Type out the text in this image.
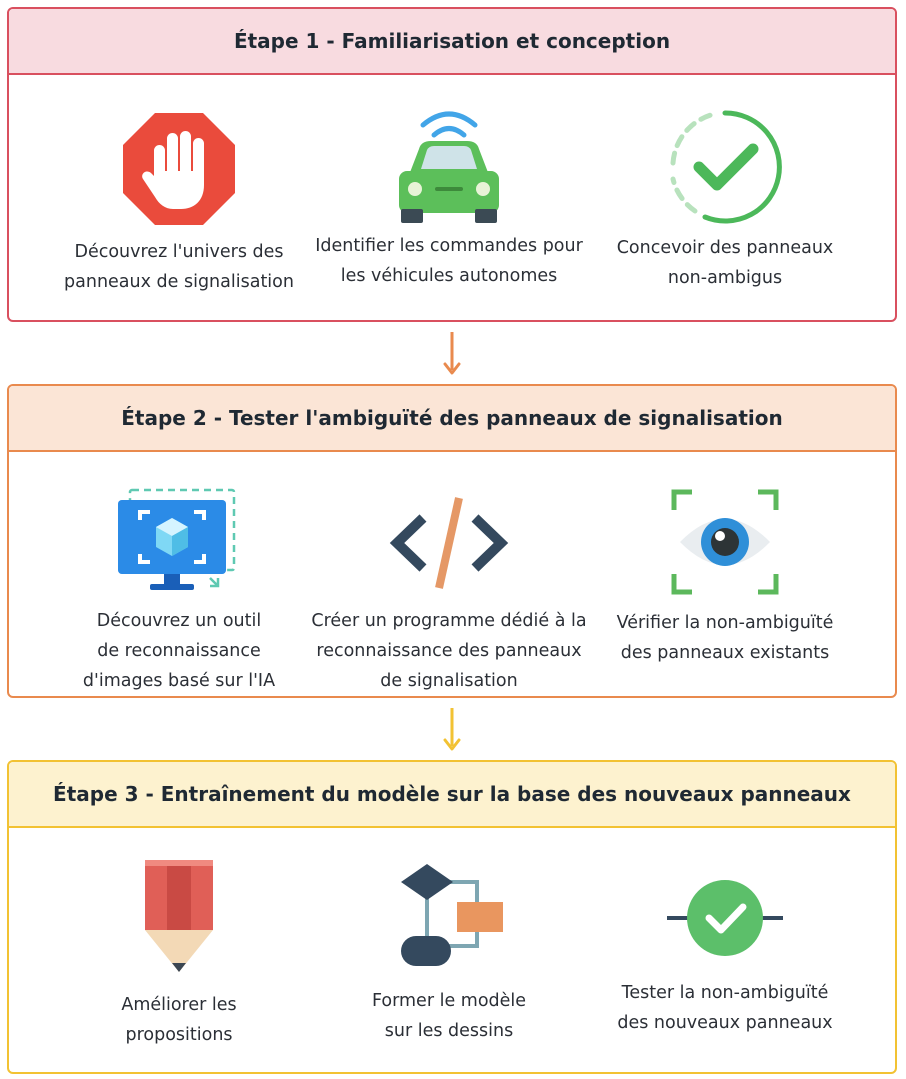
Étape 1 - Familiarisation et conception
Découvrez l'univers des
panneaux de signalisation
Identifier les commandes pour
les véhicules autonomes
Concevoir des panneaux
non-ambigus
Étape 2 - Tester l'ambiguïté des panneaux de signalisation
Découvrez un outil
de reconnaissance
d'images basé sur l'IA
Créer un programme dédié à la
reconnaissance des panneaux
de signalisation
Vérifier la non-ambiguïté
des panneaux existants
Étape 3 - Entraînement du modèle sur la base des nouveaux panneaux
Améliorer les
propositions
Former le modèle
sur les dessins
Tester la non-ambiguïté
des nouveaux panneaux
